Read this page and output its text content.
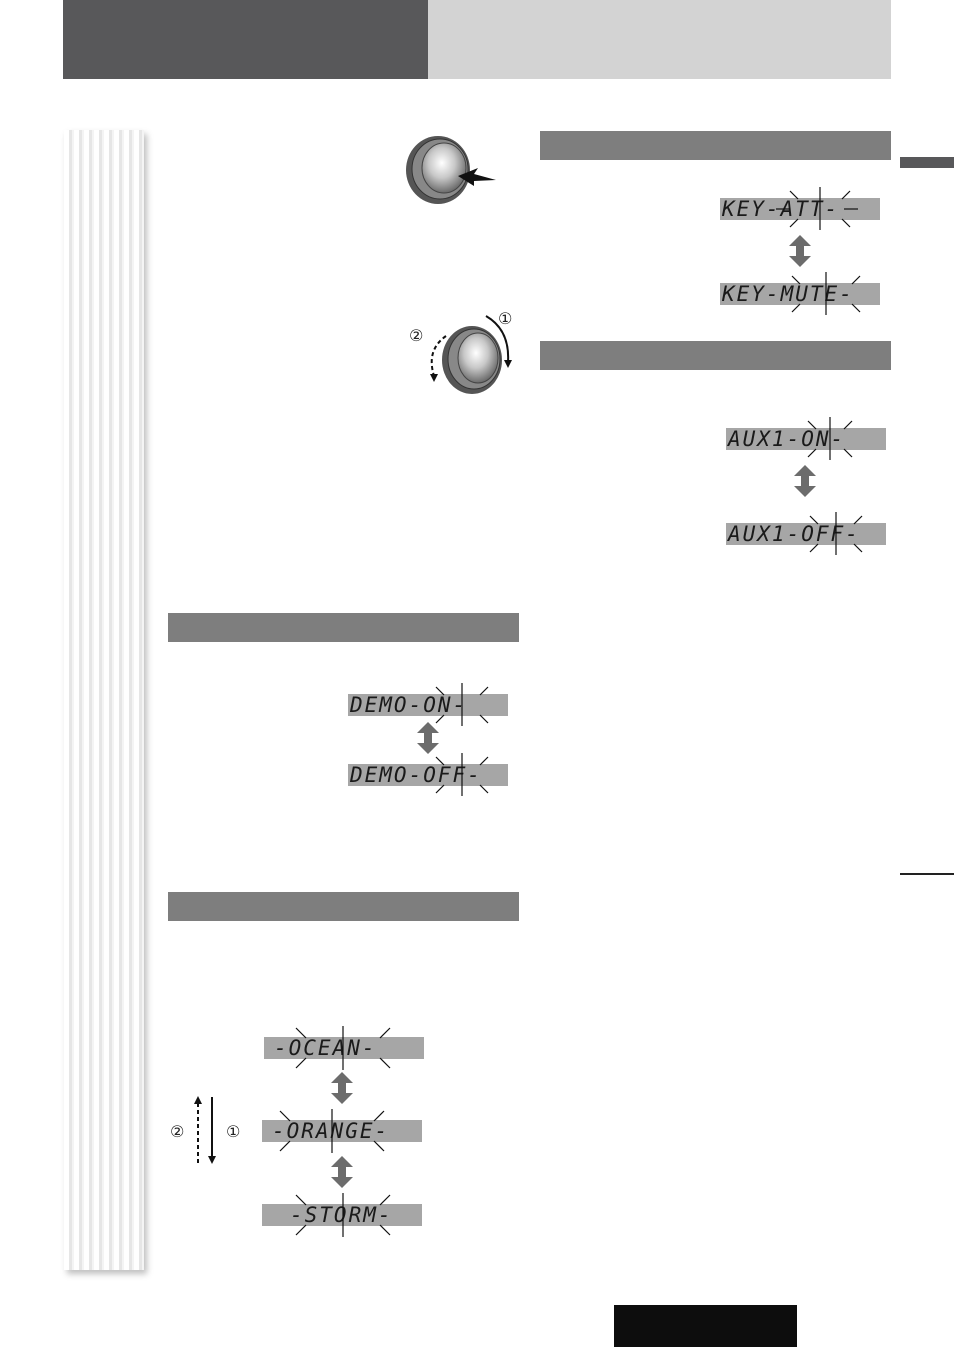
②
①
KEY-ATT-
KEY-MUTE-
AUX1-ON-
AUX1-OFF-
DEMO-ON-
DEMO-OFF-
-OCEAN-
-ORANGE-
-STORM-
②	①
